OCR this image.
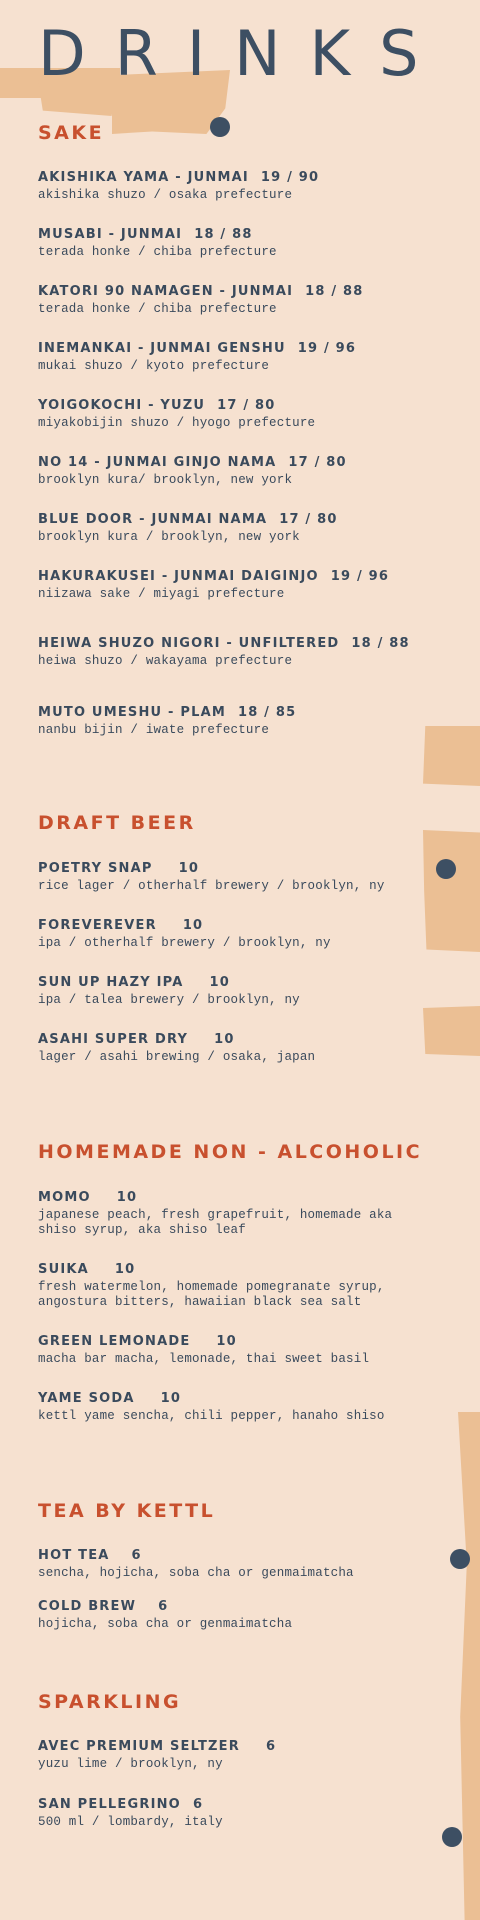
DRINKS
SAKE
AKISHIKA YAMA - JUNMAI 19 / 90
akishika shuzo / osaka prefecture
MUSABI - JUNMAI 18 / 88
terada honke / chiba prefecture
KATORI 90 NAMAGEN - JUNMAI 18 / 88
terada honke / chiba prefecture
INEMANKAI - JUNMAI GENSHU 19 / 96
mukai shuzo / kyoto prefecture
YOIGOKOCHI - YUZU 17 / 80
miyakobijin shuzo / hyogo prefecture
NO 14 - JUNMAI GINJO NAMA 17 / 80
brooklyn kura/ brooklyn, new york
BLUE DOOR - JUNMAI NAMA 17 / 80
brooklyn kura / brooklyn, new york
HAKURAKUSEI - JUNMAI DAIGINJO 19 / 96
niizawa sake / miyagi prefecture
HEIWA SHUZO NIGORI - UNFILTERED 18 / 88
heiwa shuzo / wakayama prefecture
MUTO UMESHU - PLAM 18 / 85
nanbu bijin / iwate prefecture
DRAFT BEER
POETRY SNAP 10
rice lager / otherhalf brewery / brooklyn, ny
FOREVEREVER 10
ipa / otherhalf brewery / brooklyn, ny
SUN UP HAZY IPA 10
ipa / talea brewery / brooklyn, ny
ASAHI SUPER DRY 10
lager / asahi brewing / osaka, japan
HOMEMADE NON - ALCOHOLIC
MOMO 10
japanese peach, fresh grapefruit, homemade aka shiso syrup, aka shiso leaf
SUIKA 10
fresh watermelon, homemade pomegranate syrup, angostura bitters, hawaiian black sea salt
GREEN LEMONADE 10
macha bar macha, lemonade, thai sweet basil
YAME SODA 10
kettl yame sencha, chili pepper, hanaho shiso
TEA BY KETTL
HOT TEA 6
sencha, hojicha, soba cha or genmaimatcha
COLD BREW 6
hojicha, soba cha or genmaimatcha
SPARKLING
AVEC PREMIUM SELTZER 6
yuzu lime / brooklyn, ny
SAN PELLEGRINO 6
500 ml / lombardy, italy
